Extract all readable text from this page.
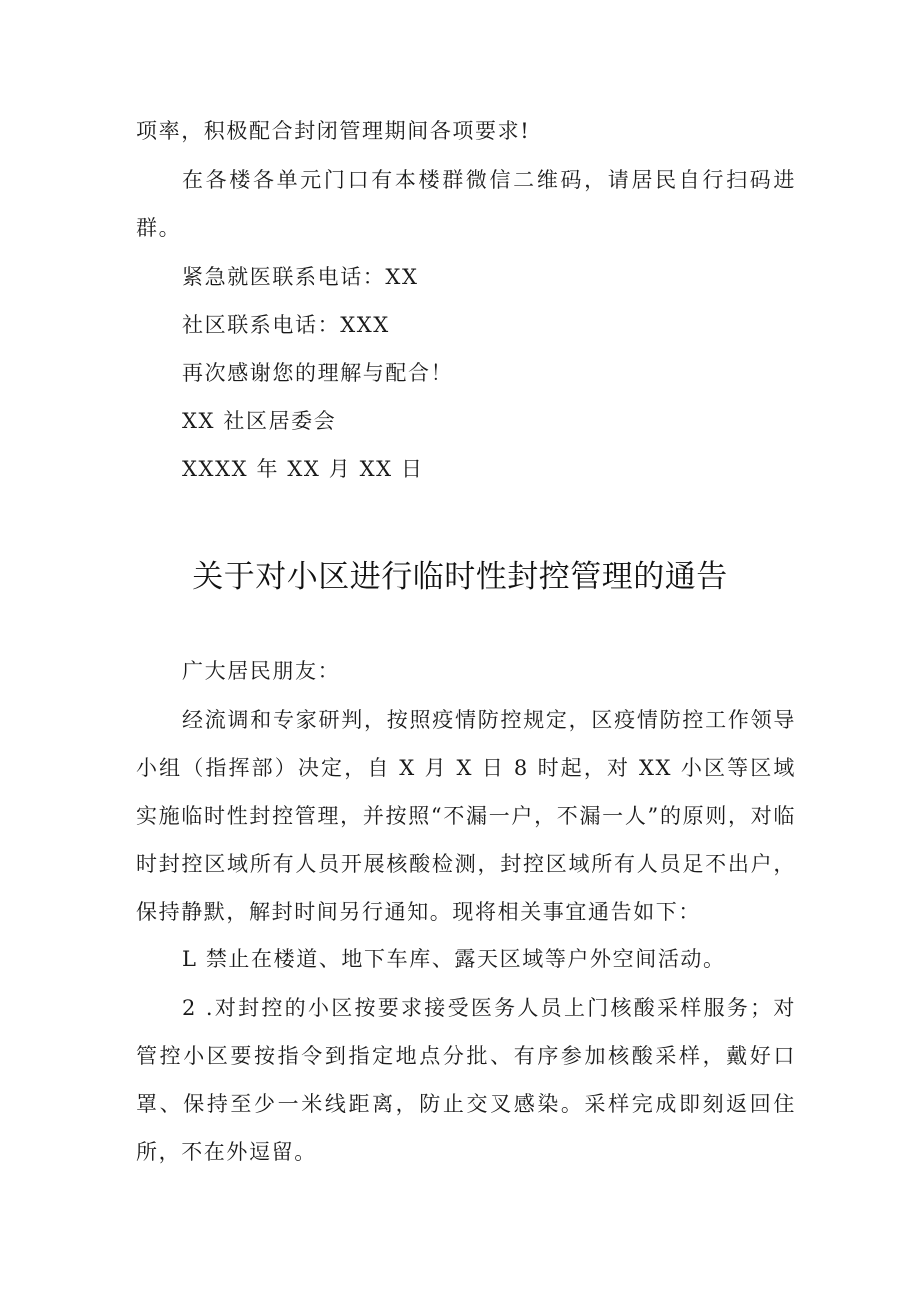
项率，积极配合封闭管理期间各项要求!
在各楼各单元门口有本楼群微信二维码，请居民自行扫码进群。
紧急就医联系电话：XX
社区联系电话：XXX
再次感谢您的理解与配合！
XX 社区居委会
XXXX 年 XX 月 XX 日
关于对小区进行临时性封控管理的通告
广大居民朋友：
经流调和专家研判，按照疫情防控规定，区疫情防控工作领导小组（指挥部）决定，自 X 月 X 日 8 时起，对 XX 小区等区域实施临时性封控管理，并按照“不漏一户，不漏一人”的原则，对临时封控区域所有人员开展核酸检测，封控区域所有人员足不出户，保持静默，解封时间另行通知。现将相关事宜通告如下：
L 禁止在楼道、地下车库、露天区域等户外空间活动。
2 .对封控的小区按要求接受医务人员上门核酸采样服务；对管控小区要按指令到指定地点分批、有序参加核酸采样，戴好口罩、保持至少一米线距离，防止交叉感染。采样完成即刻返回住所，不在外逗留。
